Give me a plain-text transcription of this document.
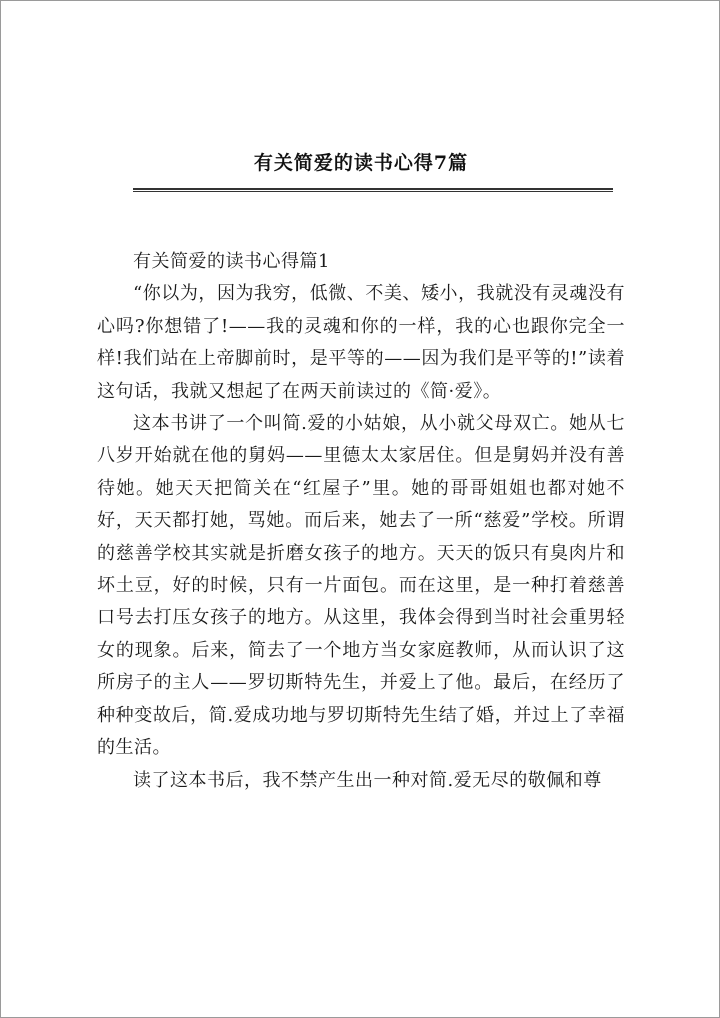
有关简爱的读书心得7篇

有关简爱的读书心得篇1

“你以为，因为我穷，低微、不美、矮小，我就没有灵魂没有心吗?你想错了!——我的灵魂和你的一样，我的心也跟你完全一样!我们站在上帝脚前时，是平等的——因为我们是平等的!”读着这句话，我就又想起了在两天前读过的《简·爱》。

这本书讲了一个叫简.爱的小姑娘，从小就父母双亡。她从七八岁开始就在他的舅妈——里德太太家居住。但是舅妈并没有善待她。她天天把简关在“红屋子”里。她的哥哥姐姐也都对她不好，天天都打她，骂她。而后来，她去了一所“慈爱”学校。所谓的慈善学校其实就是折磨女孩子的地方。天天的饭只有臭肉片和坏土豆，好的时候，只有一片面包。而在这里，是一种打着慈善口号去打压女孩子的地方。从这里，我体会得到当时社会重男轻女的现象。后来，简去了一个地方当女家庭教师，从而认识了这所房子的主人——罗切斯特先生，并爱上了他。最后，在经历了种种变故后，简.爱成功地与罗切斯特先生结了婚，并过上了幸福的生活。

读了这本书后，我不禁产生出一种对简.爱无尽的敬佩和尊
